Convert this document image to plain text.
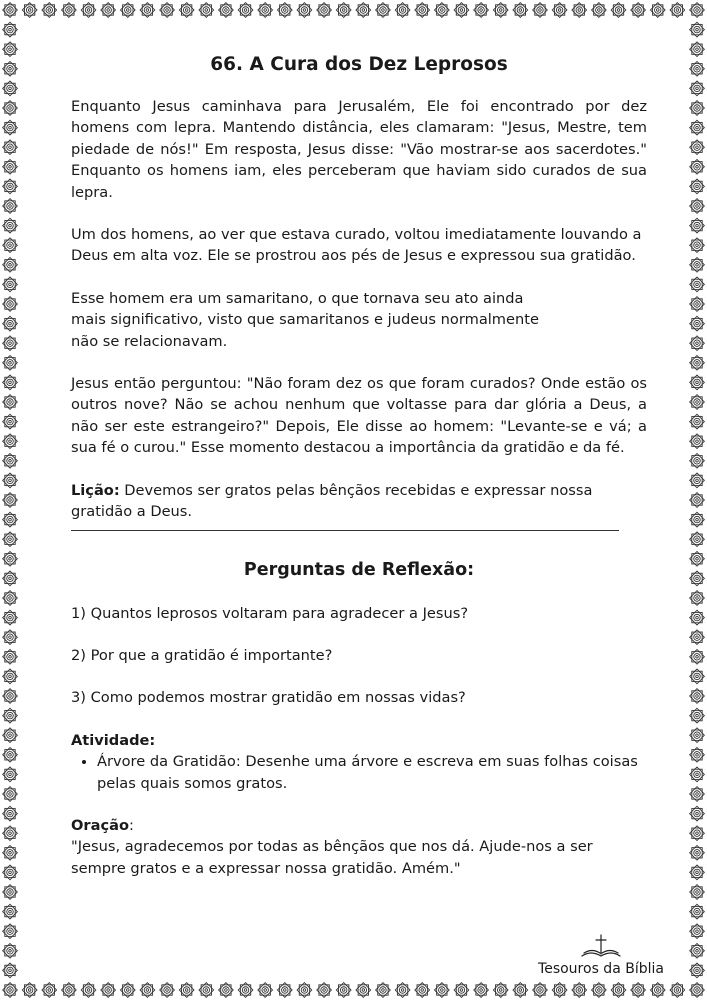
66. A Cura dos Dez Leprosos
Enquanto Jesus caminhava para Jerusalém, Ele foi encontrado por dez homens com lepra. Mantendo distância, eles clamaram: "Jesus, Mestre, tem piedade de nós!" Em resposta, Jesus disse: "Vão mostrar-se aos sacerdotes." Enquanto os homens iam, eles perceberam que haviam sido curados de sua lepra.
Um dos homens, ao ver que estava curado, voltou imediatamente louvando a Deus em alta voz. Ele se prostrou aos pés de Jesus e expressou sua gratidão.
Esse homem era um samaritano, o que tornava seu ato ainda mais significativo, visto que samaritanos e judeus normalmente não se relacionavam.
Jesus então perguntou: "Não foram dez os que foram curados? Onde estão os outros nove? Não se achou nenhum que voltasse para dar glória a Deus, a não ser este estrangeiro?" Depois, Ele disse ao homem: "Levante-se e vá; a sua fé o curou." Esse momento destacou a importância da gratidão e da fé.
Lição: Devemos ser gratos pelas bênçãos recebidas e expressar nossa gratidão a Deus.
Perguntas de Reflexão:
1) Quantos leprosos voltaram para agradecer a Jesus?
2) Por que a gratidão é importante?
3) Como podemos mostrar gratidão em nossas vidas?
Atividade:
• Árvore da Gratidão: Desenhe uma árvore e escreva em suas folhas coisas pelas quais somos gratos.
Oração:
"Jesus, agradecemos por todas as bênçãos que nos dá. Ajude-nos a ser sempre gratos e a expressar nossa gratidão. Amém."
Tesouros da Bíblia
